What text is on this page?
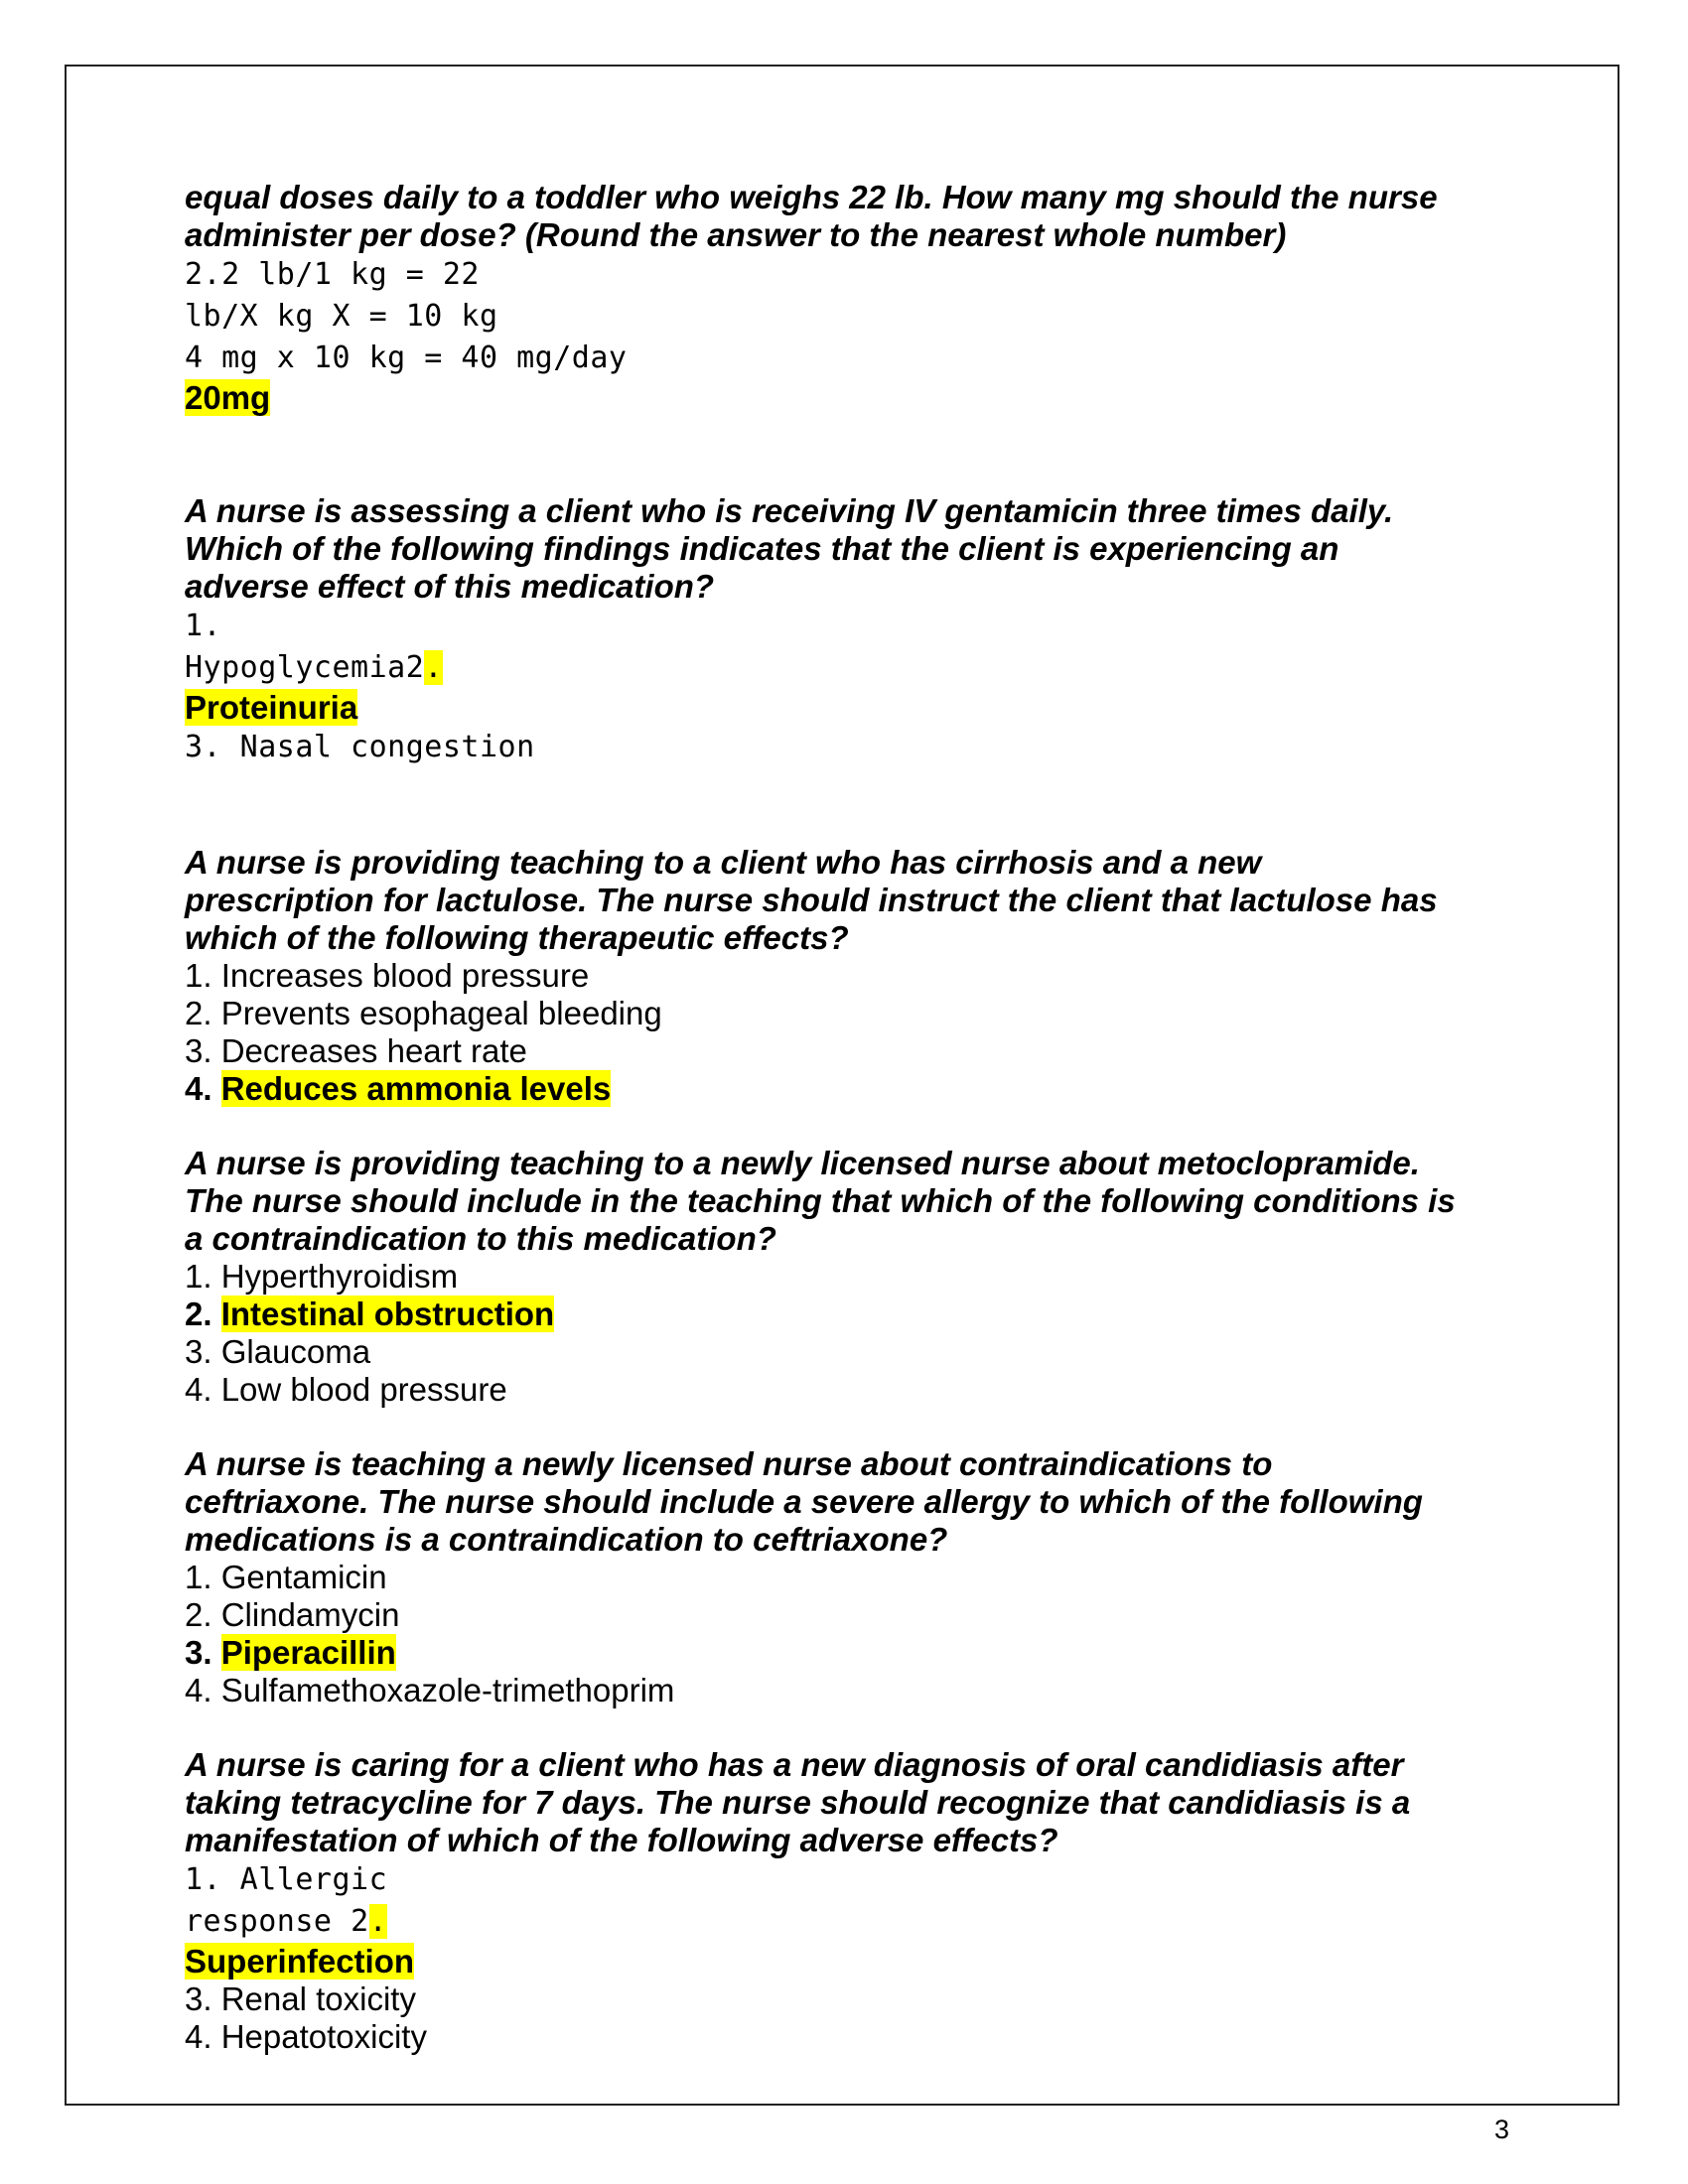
equal doses daily to a toddler who weighs 22 lb. How many mg should the nurse
administer per dose? (Round the answer to the nearest whole number)
2.2 lb/1 kg = 22
lb/X kg X = 10 kg
4 mg x 10 kg = 40 mg/day
20mg
A nurse is assessing a client who is receiving IV gentamicin three times daily.
Which of the following findings indicates that the client is experiencing an
adverse effect of this medication?
1.
Hypoglycemia2.
Proteinuria
3. Nasal congestion
A nurse is providing teaching to a client who has cirrhosis and a new
prescription for lactulose. The nurse should instruct the client that lactulose has
which of the following therapeutic effects?
1. Increases blood pressure
2. Prevents esophageal bleeding
3. Decreases heart rate
4. Reduces ammonia levels
A nurse is providing teaching to a newly licensed nurse about metoclopramide.
The nurse should include in the teaching that which of the following conditions is
a contraindication to this medication?
1. Hyperthyroidism
2. Intestinal obstruction
3. Glaucoma
4. Low blood pressure
A nurse is teaching a newly licensed nurse about contraindications to
ceftriaxone. The nurse should include a severe allergy to which of the following
medications is a contraindication to ceftriaxone?
1. Gentamicin
2. Clindamycin
3. Piperacillin
4. Sulfamethoxazole-trimethoprim
A nurse is caring for a client who has a new diagnosis of oral candidiasis after
taking tetracycline for 7 days. The nurse should recognize that candidiasis is a
manifestation of which of the following adverse effects?
1. Allergic
response 2.
Superinfection
3. Renal toxicity
4. Hepatotoxicity
3
